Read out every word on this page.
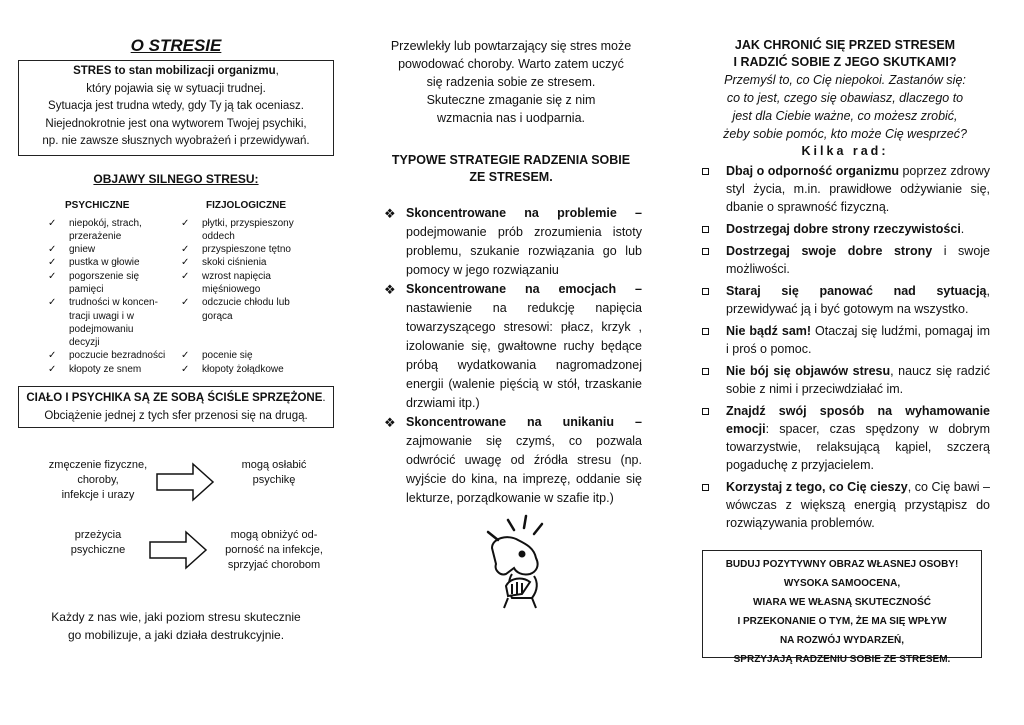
O STRESIE
STRES to stan mobilizacji organizmu,
który pojawia się w sytuacji trudnej.
Sytuacja jest trudna wtedy, gdy Ty ją tak oceniasz.
Niejednokrotnie jest ona wytworem Twojej psychiki,
np. nie zawsze słusznych wyobrażeń i przewidywań.
OBJAWY SILNEGO STRESU:
PSYCHICZNE
✓ niepokój, strach,
przerażenie
✓ gniew
✓ pustka w głowie
✓ pogorszenie się
pamięci
✓ trudności w koncen-
tracji uwagi i w
podejmowaniu
decyzji
✓ poczucie bezradności
✓ kłopoty ze snem
FIZJOLOGICZNE
✓ płytki, przyspieszony
oddech
✓ przyspieszone tętno
✓ skoki ciśnienia
✓ wzrost napięcia
mięśniowego
✓ odczucie chłodu lub
gorąca
✓ pocenie się
✓ kłopoty żołądkowe
CIAŁO I PSYCHIKA SĄ ZE SOBĄ ŚCIŚLE SPRZĘŻONE.
Obciążenie jednej z tych sfer przenosi się na drugą.
zmęczenie fizyczne,
choroby,
infekcje i urazy
mogą osłabić
psychikę
przeżycia
psychiczne
mogą obniżyć od-
porność na infekcje,
sprzyjać chorobom
Każdy z nas wie, jaki poziom stresu skutecznie
go mobilizuje, a jaki działa destrukcyjnie.
Przewlekły lub powtarzający się stres może
powodować choroby. Warto zatem uczyć
się radzenia sobie ze stresem.
Skuteczne zmaganie się z nim
wzmacnia nas i uodparnia.
TYPOWE STRATEGIE RADZENIA SOBIE
ZE STRESEM.
❖ Skoncentrowane na problemie – podejmowanie prób zrozumienia istoty problemu, szukanie rozwiązania go lub pomocy w jego rozwiązaniu
❖ Skoncentrowane na emocjach – nastawienie na redukcję napięcia towarzyszącego stresowi: płacz, krzyk , izolowanie się, gwałtowne ruchy będące próbą wydatkowania nagromadzonej energii (walenie pięścią w stół, trzaskanie drzwiami itp.)
❖ Skoncentrowane na unikaniu – zajmowanie się czymś, co pozwala odwrócić uwagę od źródła stresu (np. wyjście do kina, na imprezę, oddanie się lekturze, porządkowanie w szafie itp.)
JAK CHRONIĆ SIĘ PRZED STRESEM
I RADZIĆ SOBIE Z JEGO SKUTKAMI?
Przemyśl to, co Cię niepokoi. Zastanów się:
co to jest, czego się obawiasz, dlaczego to
jest dla Ciebie ważne, co możesz zrobić,
żeby sobie pomóc, kto może Cię wesprzeć?
Kilka rad:
Dbaj o odporność organizmu poprzez zdrowy styl życia, m.in. prawidłowe odżywianie się, dbanie o sprawność fizyczną.
Dostrzegaj dobre strony rzeczywistości.
Dostrzegaj swoje dobre strony i swoje możliwości.
Staraj się panować nad sytuacją, przewidywać ją i być gotowym na wszystko.
Nie bądź sam! Otaczaj się ludźmi, pomagaj im i proś o pomoc.
Nie bój się objawów stresu, naucz się radzić sobie z nimi i przeciwdziałać im.
Znajdź swój sposób na wyhamowanie emocji: spacer, czas spędzony w dobrym towarzystwie, relaksującą kąpiel, szczerą pogaduchę z przyjacielem.
Korzystaj z tego, co Cię cieszy, co Cię bawi – wówczas z większą energią przystąpisz do rozwiązywania problemów.
BUDUJ POZYTYWNY OBRAZ WŁASNEJ OSOBY!
WYSOKA SAMOOCENA,
WIARA WE WŁASNĄ SKUTECZNOŚĆ
I PRZEKONANIE O TYM, ŻE MA SIĘ WPŁYW
NA ROZWÓJ WYDARZEŃ,
SPRZYJAJĄ RADZENIU SOBIE ZE STRESEM.
